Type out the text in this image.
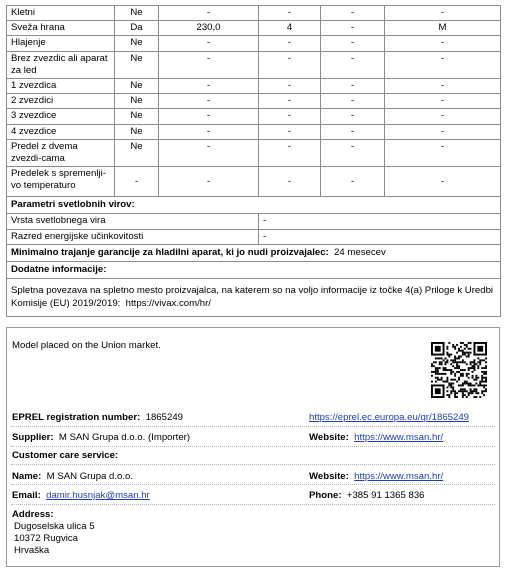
Kletni	Ne	-	-	-	-
Sveža hrana	Da	230,0	4	-	M
Hlajenje	Ne	-	-	-	-
Brez zvezdic ali aparat za led	Ne	-	-	-	-
1 zvezdica	Ne	-	-	-	-
2 zvezdici	Ne	-	-	-	-
3 zvezdice	Ne	-	-	-	-
4 zvezdice	Ne	-	-	-	-
Predel z dvema zvezdi-cama	Ne	-	-	-	-
Predelek s spremenlji-vo temperaturo	-	-	-	-	-
Parametri svetlobnih virov:					
Vrsta svetlobnega vira			-		
Razred energijske učinkovitosti			-		
Minimalno trajanje garancije za hladilni aparat, ki jo nudi proizvajalec: 24 mesecev					
Dodatne informacije:					

Spletna povezava na spletno mesto proizvajalca, na katerem so na voljo informacije iz točke 4(a) Priloge k Uredbi Komisije (EU) 2019/2019: https://vivax.com/hr/					
Model placed on the Union market.
EPREL registration number: 1865249	https://eprel.ec.europa.eu/qr/1865249
Supplier: M SAN Grupa d.o.o. (Importer)	Website: https://www.msan.hr/
Customer care service:
Name: M SAN Grupa d.o.o.	Website: https://www.msan.hr/
Email: damir.husnjak@msan.hr	Phone: +385 91 1365 836
Address:
Dugoselska ulica 5
10372 Rugvica
Hrvaška
